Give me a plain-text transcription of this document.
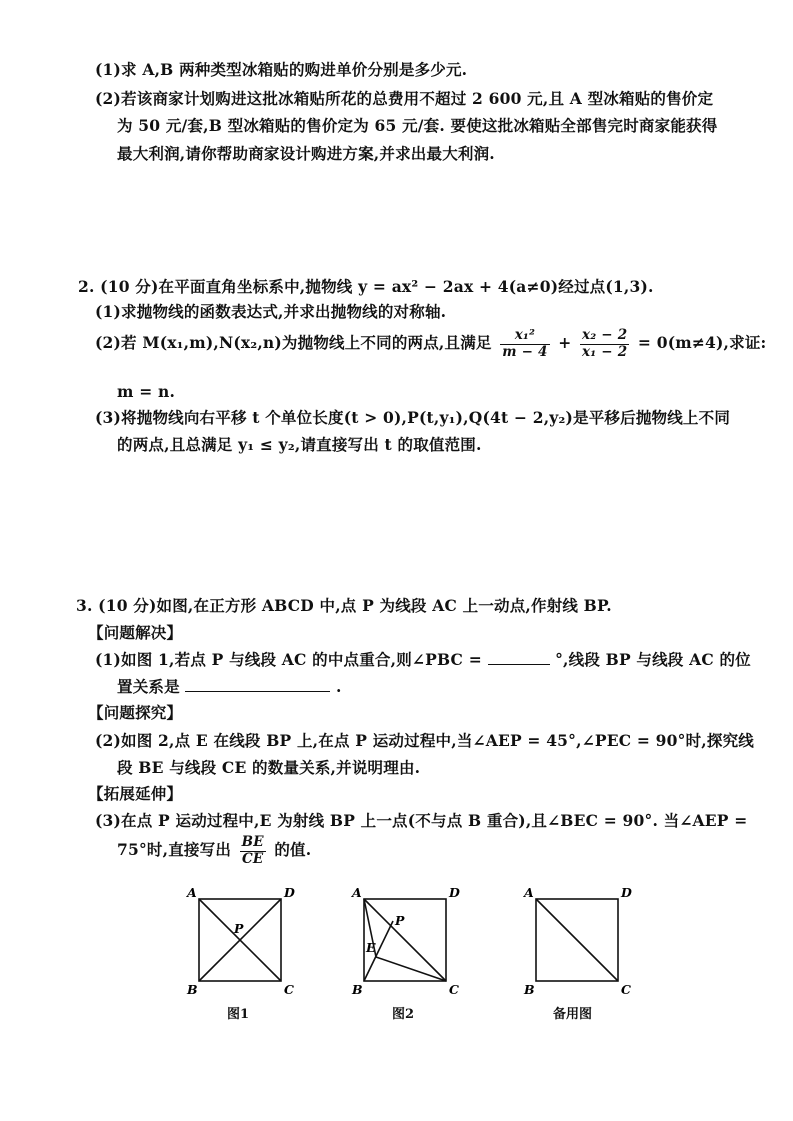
(1)求 A,B 两种类型冰箱贴的购进单价分别是多少元.
(2)若该商家计划购进这批冰箱贴所花的总费用不超过 2 600 元,且 A 型冰箱贴的售价定
为 50 元/套,B 型冰箱贴的售价定为 65 元/套. 要使这批冰箱贴全部售完时商家能获得
最大利润,请你帮助商家设计购进方案,并求出最大利润.
2. (10 分)在平面直角坐标系中,抛物线 y = ax² − 2ax + 4(a≠0)经过点(1,3).
(1)求抛物线的函数表达式,并求出抛物线的对称轴.
(2)若 M(x₁,m),N(x₂,n)为抛物线上不同的两点,且满足 $\frac{\text{x₁²}}{m - 4} + \frac{\text{x₂ − 2}}{\text{x₁ − 2}} = 0(m\ne 4)$,求证:
m = n.
(3)将抛物线向右平移 t 个单位长度(t > 0),P(t,y₁),Q(4t − 2,y₂)是平移后抛物线上不同
的两点,且总满足 y₁ ≤ y₂,请直接写出 t 的取值范围.
3. (10 分)如图,在正方形 ABCD 中,点 P 为线段 AC 上一动点,作射线 BP.
【问题解决】
(1)如图 1,若点 P 与线段 AC 的中点重合,则∠PBC =	°,线段 BP 与线段 AC 的位
置关系是	.
【问题探究】
(2)如图 2,点 E 在线段 BP 上,在点 P 运动过程中,当∠AEP = 45°,∠PEC = 90°时,探究线
段 BE 与线段 CE 的数量关系,并说明理由.
【拓展延伸】
(3)在点 P 运动过程中,E 为射线 BP 上一点(不与点 B 重合),且∠BEC = 90°. 当∠AEP =
75°时,直接写出 $\frac{BE}{CE}$ 的值.
A	D
B	C
P
图1
A	D
B	C
P
E
图2
A	D
B	C
备用图
